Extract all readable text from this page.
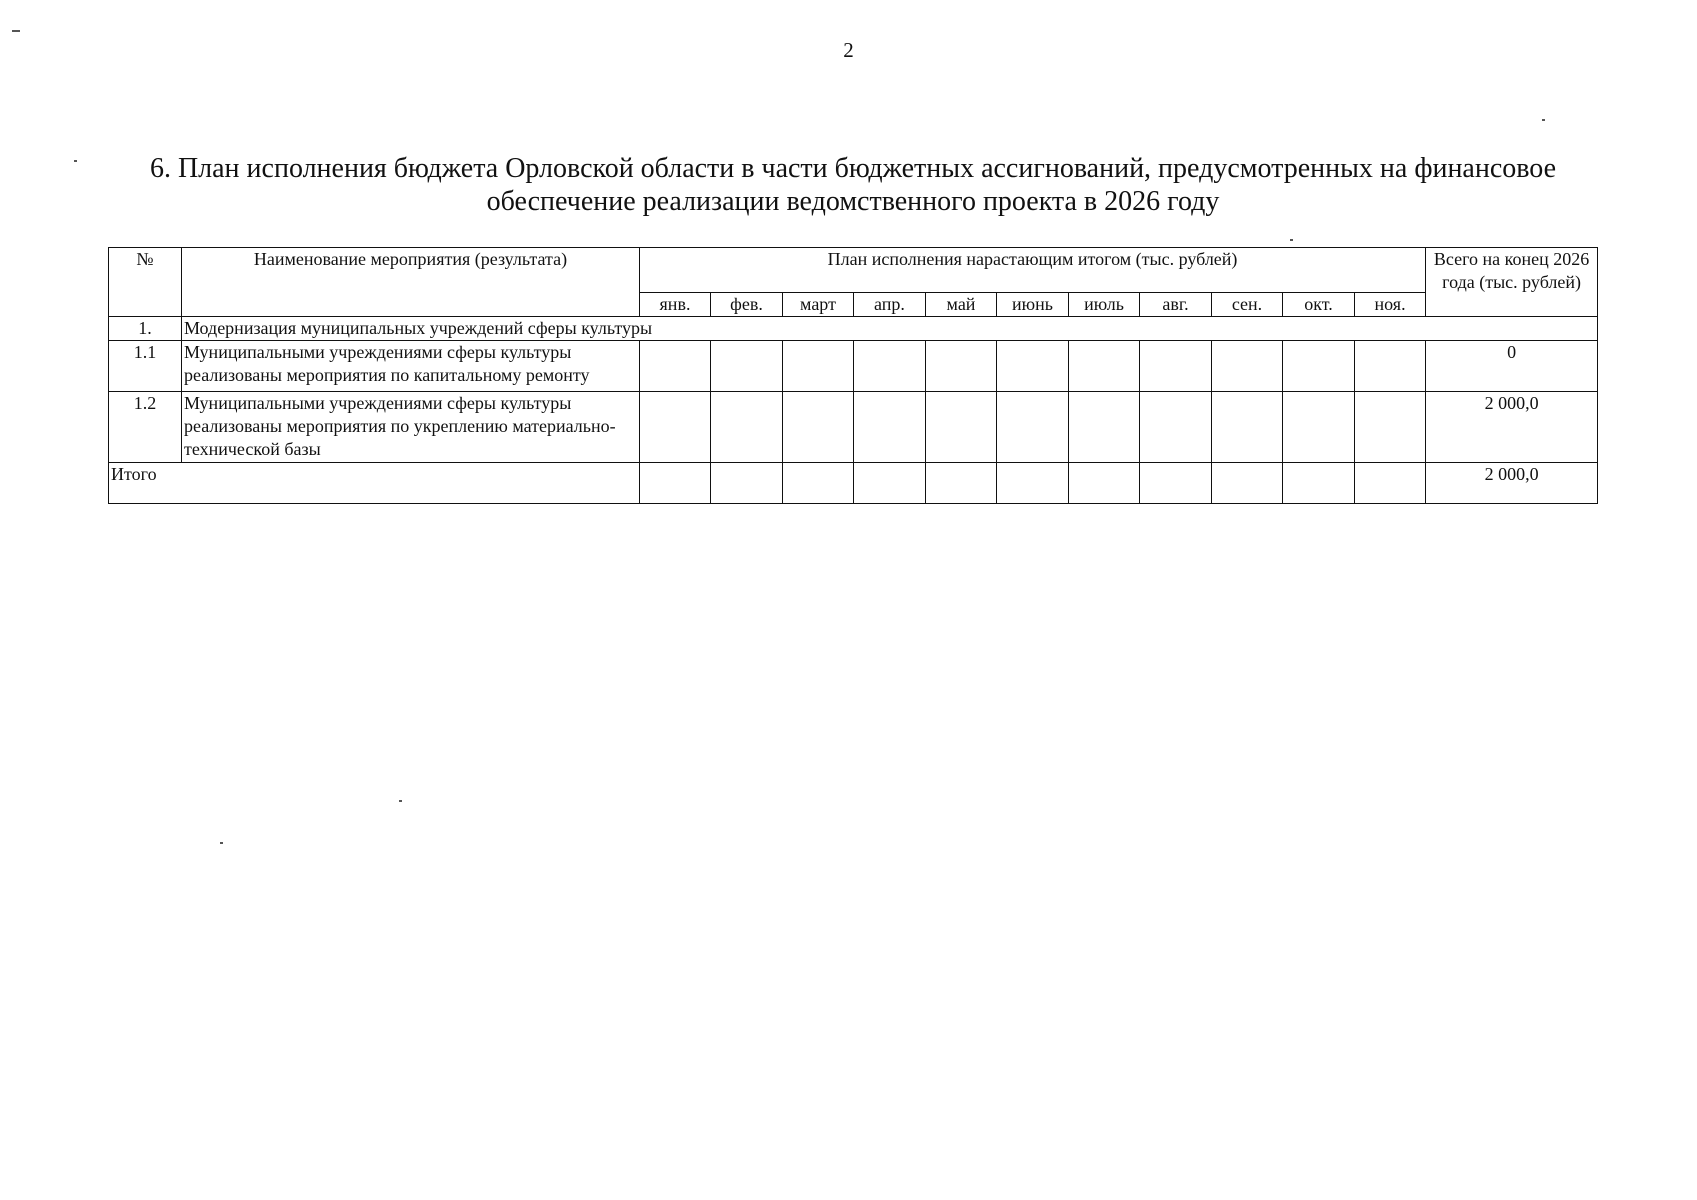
2
6. План исполнения бюджета Орловской области в части бюджетных ассигнований, предусмотренных на финансовое
обеспечение реализации ведомственного проекта в 2026 году
№	Наименование мероприятия (результата)	План исполнения нарастающим итогом (тыс. рублей)											Всего на конец 2026 года (тыс. рублей)
		янв.	фев.	март	апр.	май	июнь	июль	авг.	сен.	окт.	ноя.	
1.	Модернизация муниципальных учреждений сферы культуры												
1.1	Муниципальными учреждениями сферы культуры реализованы мероприятия по капитальному ремонту												0
1.2	Муниципальными учреждениями сферы культуры реализованы мероприятия по укреплению материально-технической базы												2 000,0
Итого													2 000,0
